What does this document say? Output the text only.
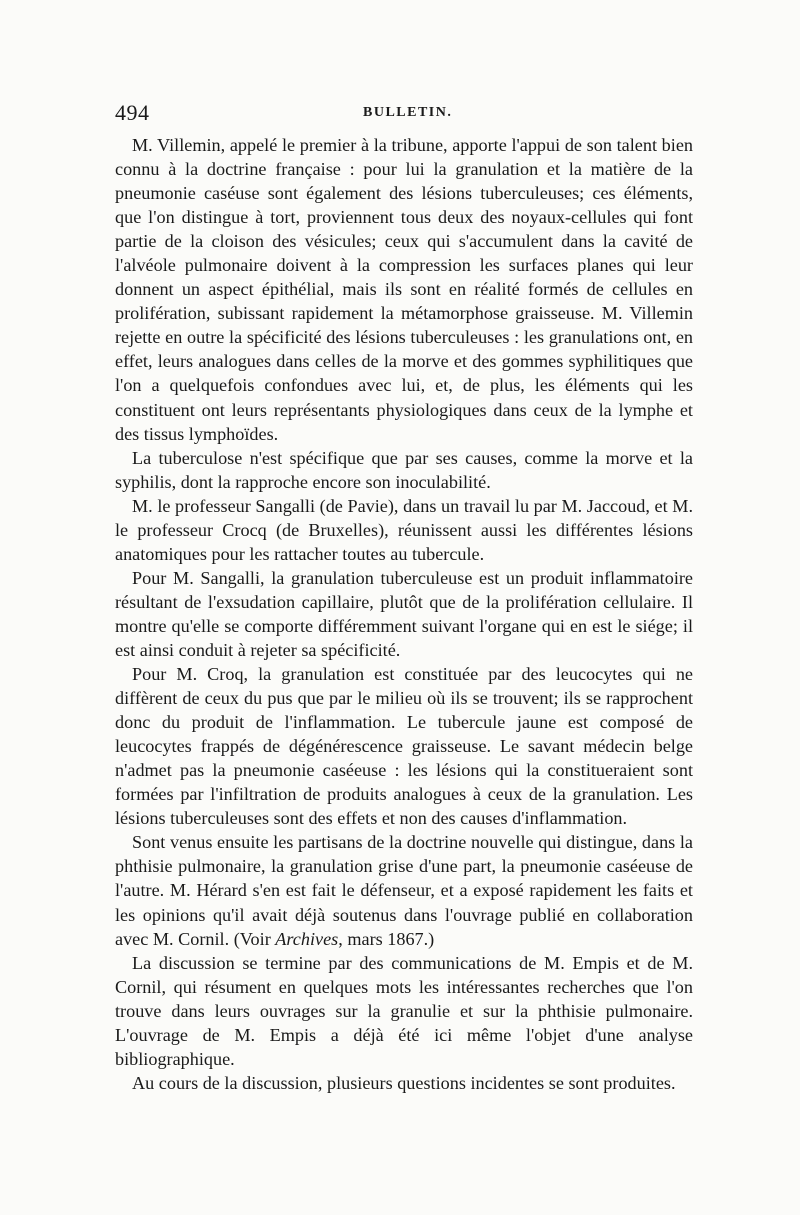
494	BULLETIN.

M. Villemin, appelé le premier à la tribune, apporte l'appui de son talent bien connu à la doctrine française : pour lui la granulation et la matière de la pneumonie caséuse sont également des lésions tuberculeuses; ces éléments, que l'on distingue à tort, proviennent tous deux des noyaux-cellules qui font partie de la cloison des vésicules; ceux qui s'accumulent dans la cavité de l'alvéole pulmonaire doivent à la compression les surfaces planes qui leur donnent un aspect épithélial, mais ils sont en réalité formés de cellules en prolifération, subissant rapidement la métamorphose graisseuse. M. Villemin rejette en outre la spécificité des lésions tuberculeuses : les granulations ont, en effet, leurs analogues dans celles de la morve et des gommes syphilitiques que l'on a quelquefois confondues avec lui, et, de plus, les éléments qui les constituent ont leurs représentants physiologiques dans ceux de la lymphe et des tissus lymphoïdes.

La tuberculose n'est spécifique que par ses causes, comme la morve et la syphilis, dont la rapproche encore son inoculabilité.

M. le professeur Sangalli (de Pavie), dans un travail lu par M. Jaccoud, et M. le professeur Crocq (de Bruxelles), réunissent aussi les différentes lésions anatomiques pour les rattacher toutes au tubercule.

Pour M. Sangalli, la granulation tuberculeuse est un produit inflammatoire résultant de l'exsudation capillaire, plutôt que de la prolifération cellulaire. Il montre qu'elle se comporte différemment suivant l'organe qui en est le siége; il est ainsi conduit à rejeter sa spécificité.

Pour M. Croq, la granulation est constituée par des leucocytes qui ne diffèrent de ceux du pus que par le milieu où ils se trouvent; ils se rapprochent donc du produit de l'inflammation. Le tubercule jaune est composé de leucocytes frappés de dégénérescence graisseuse. Le savant médecin belge n'admet pas la pneumonie caséeuse : les lésions qui la constitueraient sont formées par l'infiltration de produits analogues à ceux de la granulation. Les lésions tuberculeuses sont des effets et non des causes d'inflammation.

Sont venus ensuite les partisans de la doctrine nouvelle qui distingue, dans la phthisie pulmonaire, la granulation grise d'une part, la pneumonie caséeuse de l'autre. M. Hérard s'en est fait le défenseur, et a exposé rapidement les faits et les opinions qu'il avait déjà soutenus dans l'ouvrage publié en collaboration avec M. Cornil. (Voir Archives, mars 1867.)

La discussion se termine par des communications de M. Empis et de M. Cornil, qui résument en quelques mots les intéressantes recherches que l'on trouve dans leurs ouvrages sur la granulie et sur la phthisie pulmonaire. L'ouvrage de M. Empis a déjà été ici même l'objet d'une analyse bibliographique.

Au cours de la discussion, plusieurs questions incidentes se sont produites.
